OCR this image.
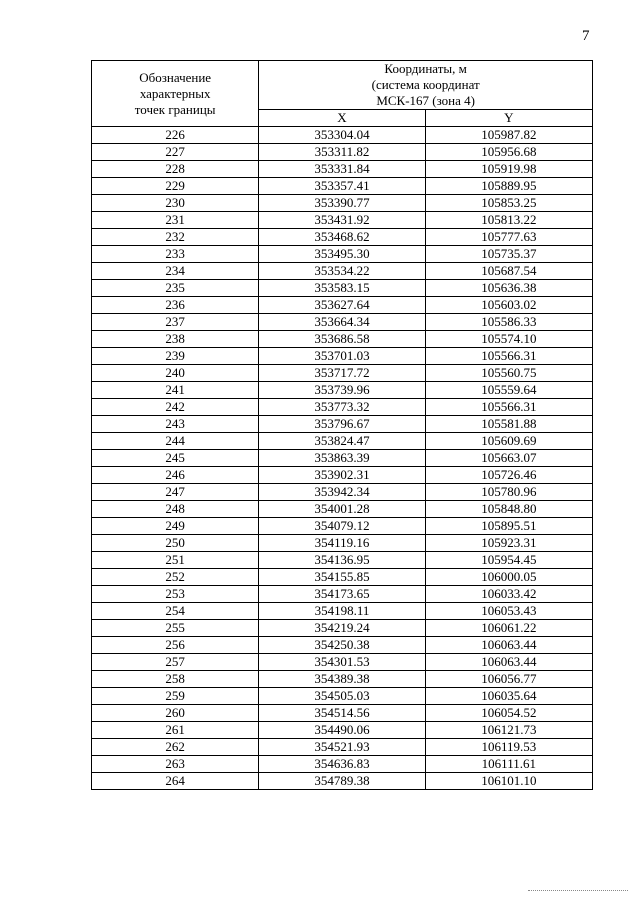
7
Обозначение
характерных
точек границы	Координаты, м
(система координат
МСК-167 (зона 4)	

	X	Y
226	353304.04	105987.82
227	353311.82	105956.68
228	353331.84	105919.98
229	353357.41	105889.95
230	353390.77	105853.25
231	353431.92	105813.22
232	353468.62	105777.63
233	353495.30	105735.37
234	353534.22	105687.54
235	353583.15	105636.38
236	353627.64	105603.02
237	353664.34	105586.33
238	353686.58	105574.10
239	353701.03	105566.31
240	353717.72	105560.75
241	353739.96	105559.64
242	353773.32	105566.31
243	353796.67	105581.88
244	353824.47	105609.69
245	353863.39	105663.07
246	353902.31	105726.46
247	353942.34	105780.96
248	354001.28	105848.80
249	354079.12	105895.51
250	354119.16	105923.31
251	354136.95	105954.45
252	354155.85	106000.05
253	354173.65	106033.42
254	354198.11	106053.43
255	354219.24	106061.22
256	354250.38	106063.44
257	354301.53	106063.44
258	354389.38	106056.77
259	354505.03	106035.64
260	354514.56	106054.52
261	354490.06	106121.73
262	354521.93	106119.53
263	354636.83	106111.61
264	354789.38	106101.10
